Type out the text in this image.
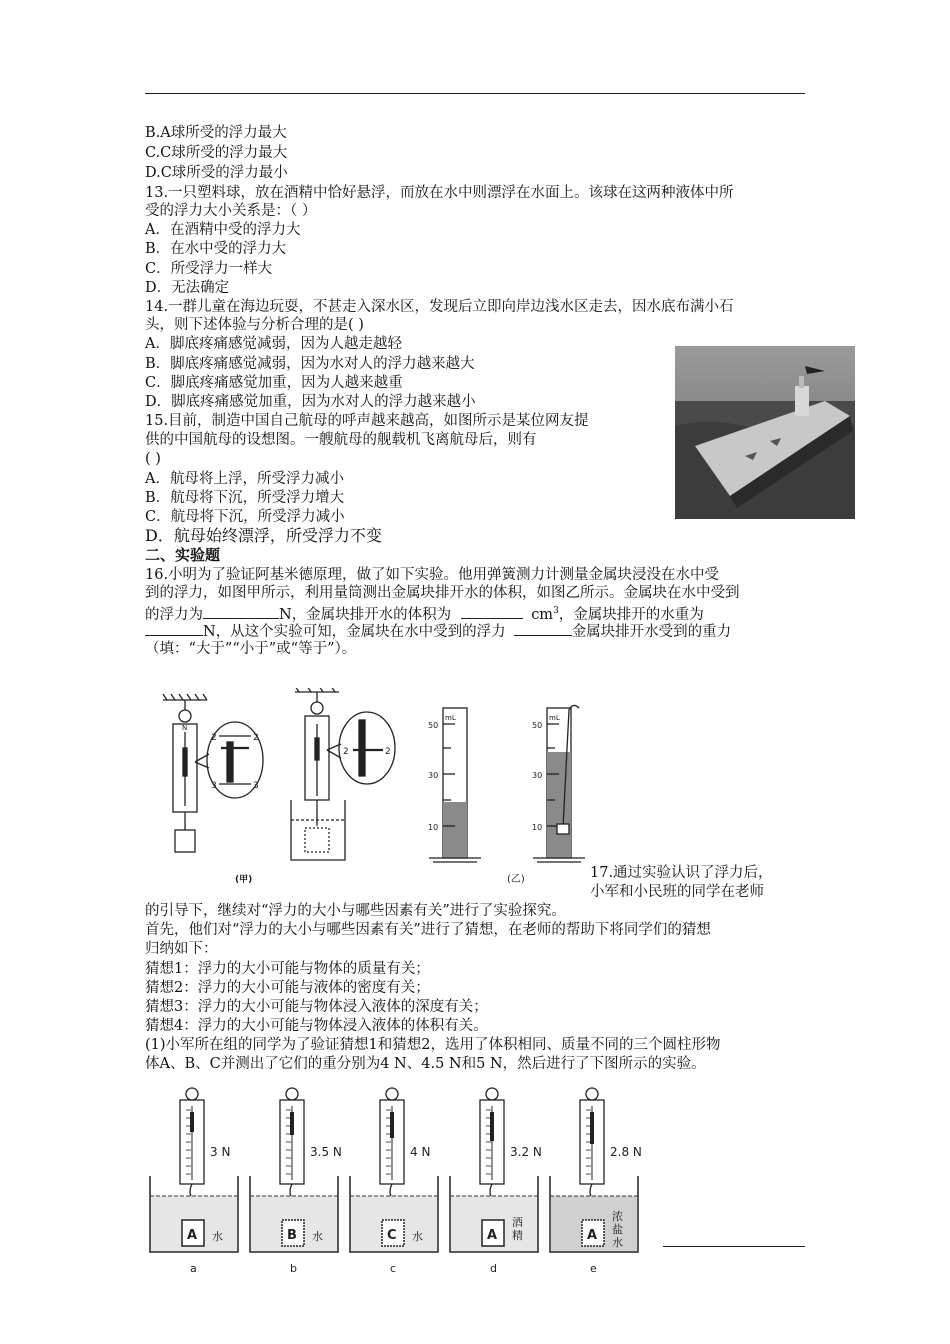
B.A球所受的浮力最大
C.C球所受的浮力最大
D.C球所受的浮力最小
13.一只塑料球，放在酒精中恰好悬浮，而放在水中则漂浮在水面上。该球在这两种液体中所
受的浮力大小关系是：（ ）
A．在酒精中受的浮力大
B．在水中受的浮力大
C．所受浮力一样大
D．无法确定
14.一群儿童在海边玩耍，不甚走入深水区，发现后立即向岸边浅水区走去，因水底布满小石
头，则下述体验与分析合理的是( )
A．脚底疼痛感觉减弱，因为人越走越轻
B．脚底疼痛感觉减弱，因为水对人的浮力越来越大
C．脚底疼痛感觉加重，因为人越来越重
D．脚底疼痛感觉加重，因为水对人的浮力越来越小
15.目前，制造中国自己航母的呼声越来越高，如图所示是某位网友提
供的中国航母的设想图。一艘航母的舰载机飞离航母后，则有
( )
A．航母将上浮，所受浮力减小
B．航母将下沉，所受浮力增大
C．航母将下沉，所受浮力减小
D．航母始终漂浮，所受浮力不变
二、实验题
16.小明为了验证阿基米德原理，做了如下实验。他用弹簧测力计测量金属块浸没在水中受
到的浮力，如图甲所示，利用量筒测出金属块排开水的体积，如图乙所示。金属块在水中受到
的浮力为	N，金属块排开水的体积为	$cm^3$，金属块排开的水重为
N，从这个实验可知，金属块在水中受到的浮力	金属块排开水受到的重力
（填：“大于”“小于”或“等于”）。
N
2	2
3	3
2	2
mL
50
30
10
mL
50
30
10
(甲)	(乙)	17.通过实验认识了浮力后，
小军和小民班的同学在老师
的引导下，继续对“浮力的大小与哪些因素有关”进行了实验探究。
首先，他们对“浮力的大小与哪些因素有关”进行了猜想，在老师的帮助下将同学们的猜想
归纳如下：
猜想1：浮力的大小可能与物体的质量有关；
猜想2：浮力的大小可能与液体的密度有关；
猜想3：浮力的大小可能与物体浸入液体的深度有关；
猜想4：浮力的大小可能与物体浸入液体的体积有关。
(1)小军所在组的同学为了验证猜想1和猜想2，选用了体积相同、质量不同的三个圆柱形物
体A、B、C并测出了它们的重分别为4 N、4.5 N和5 N，然后进行了下图所示的实验。
3 N
A 水
a
3.5 N
B 水
b
4 N
C 水
c
3.2 N
A
酒精
d
2.8 N
A
浓盐水
e
